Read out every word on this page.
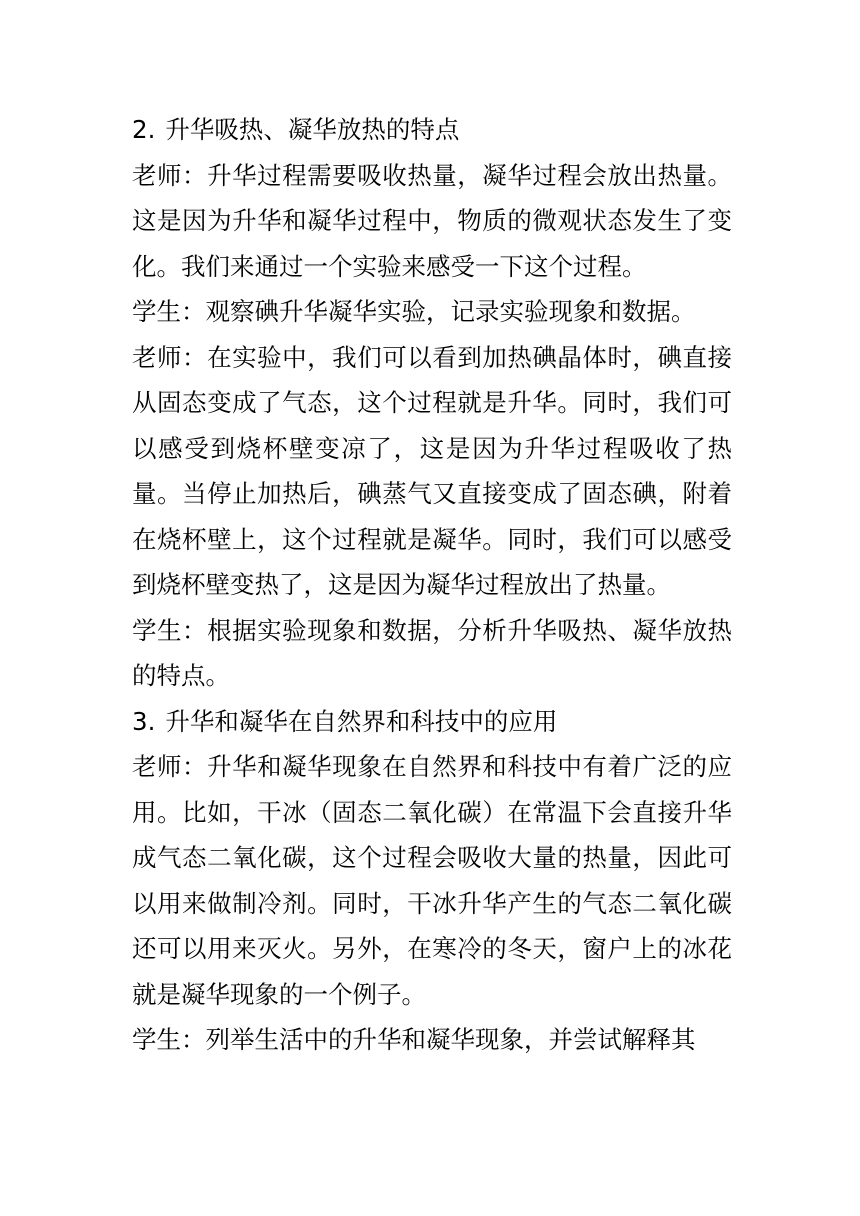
2. 升华吸热、凝华放热的特点

老师：升华过程需要吸收热量，凝华过程会放出热量。这是因为升华和凝华过程中，物质的微观状态发生了变化。我们来通过一个实验来感受一下这个过程。

学生：观察碘升华凝华实验，记录实验现象和数据。

老师：在实验中，我们可以看到加热碘晶体时，碘直接从固态变成了气态，这个过程就是升华。同时，我们可以感受到烧杯壁变凉了，这是因为升华过程吸收了热量。当停止加热后，碘蒸气又直接变成了固态碘，附着在烧杯壁上，这个过程就是凝华。同时，我们可以感受到烧杯壁变热了，这是因为凝华过程放出了热量。

学生：根据实验现象和数据，分析升华吸热、凝华放热的特点。

3. 升华和凝华在自然界和科技中的应用

老师：升华和凝华现象在自然界和科技中有着广泛的应用。比如，干冰（固态二氧化碳）在常温下会直接升华成气态二氧化碳，这个过程会吸收大量的热量，因此可以用来做制冷剂。同时，干冰升华产生的气态二氧化碳还可以用来灭火。另外，在寒冷的冬天，窗户上的冰花就是凝华现象的一个例子。

学生：列举生活中的升华和凝华现象，并尝试解释其
